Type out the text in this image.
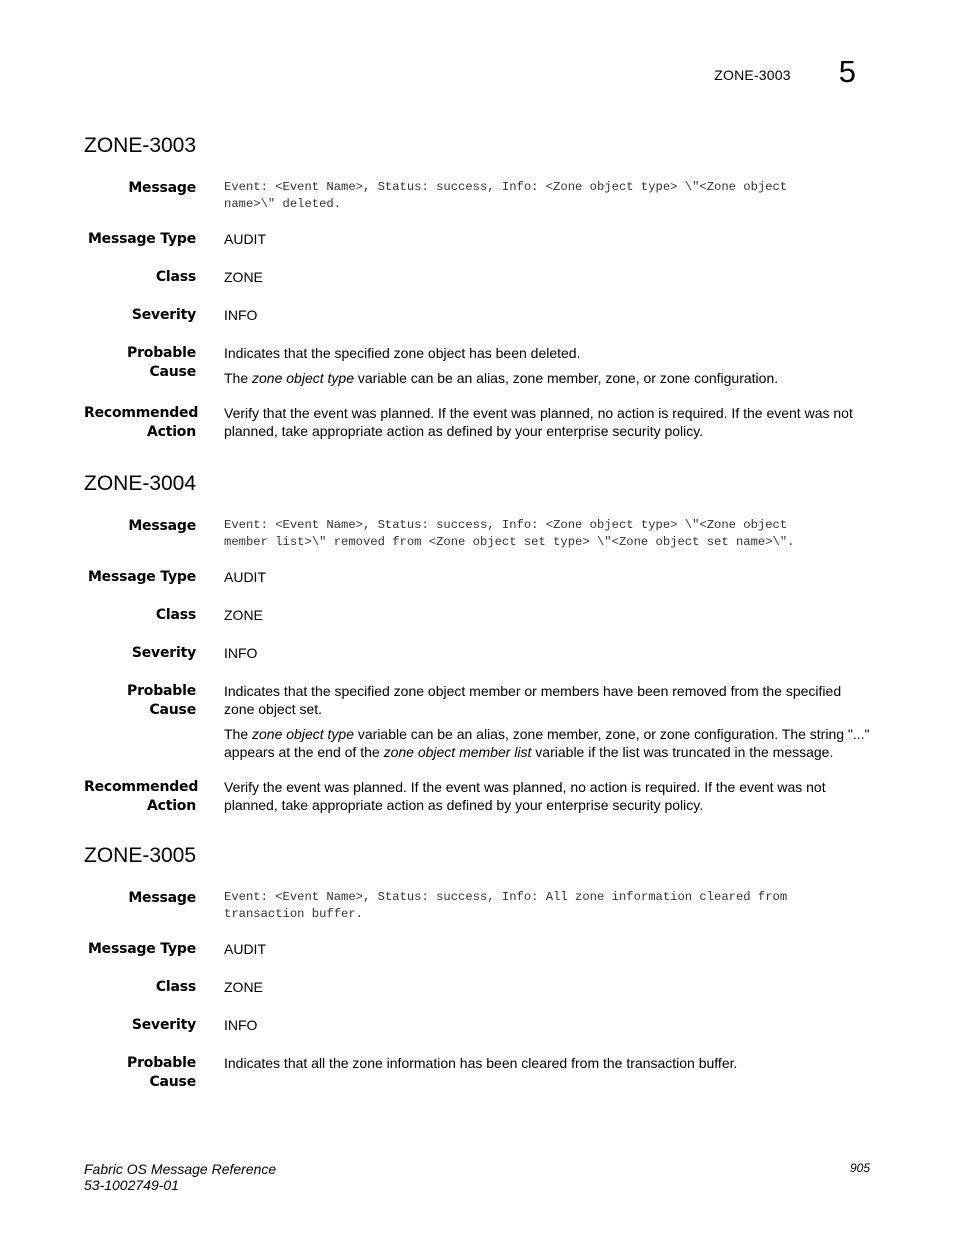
ZONE-3003 5
ZONE-3003
Message Event: <Event Name>, Status: success, Info: <Zone object type> \"<Zone object
name>\" deleted.
Message Type AUDIT
Class ZONE
Severity INFO
Probable Cause
Indicates that the specified zone object has been deleted.
The zone object type variable can be an alias, zone member, zone, or zone configuration.
Recommended
Action
Verify that the event was planned. If the event was planned, no action is required. If the event was not planned, take appropriate action as defined by your enterprise security policy.
ZONE-3004
Message Event: <Event Name>, Status: success, Info: <Zone object type> \"<Zone object
member list>\" removed from <Zone object set type> \"<Zone object set name>\".
Message Type AUDIT
Class ZONE
Severity INFO
Probable Cause
Indicates that the specified zone object member or members have been removed from the specified zone object set.
The zone object type variable can be an alias, zone member, zone, or zone configuration. The string "..." appears at the end of the zone object member list variable if the list was truncated in the message.
Recommended
Action
Verify the event was planned. If the event was planned, no action is required. If the event was not planned, take appropriate action as defined by your enterprise security policy.
ZONE-3005
Message Event: <Event Name>, Status: success, Info: All zone information cleared from
transaction buffer.
Message Type AUDIT
Class ZONE
Severity INFO
Probable Cause
Indicates that all the zone information has been cleared from the transaction buffer.
Fabric OS Message Reference
53-1002749-01
905
